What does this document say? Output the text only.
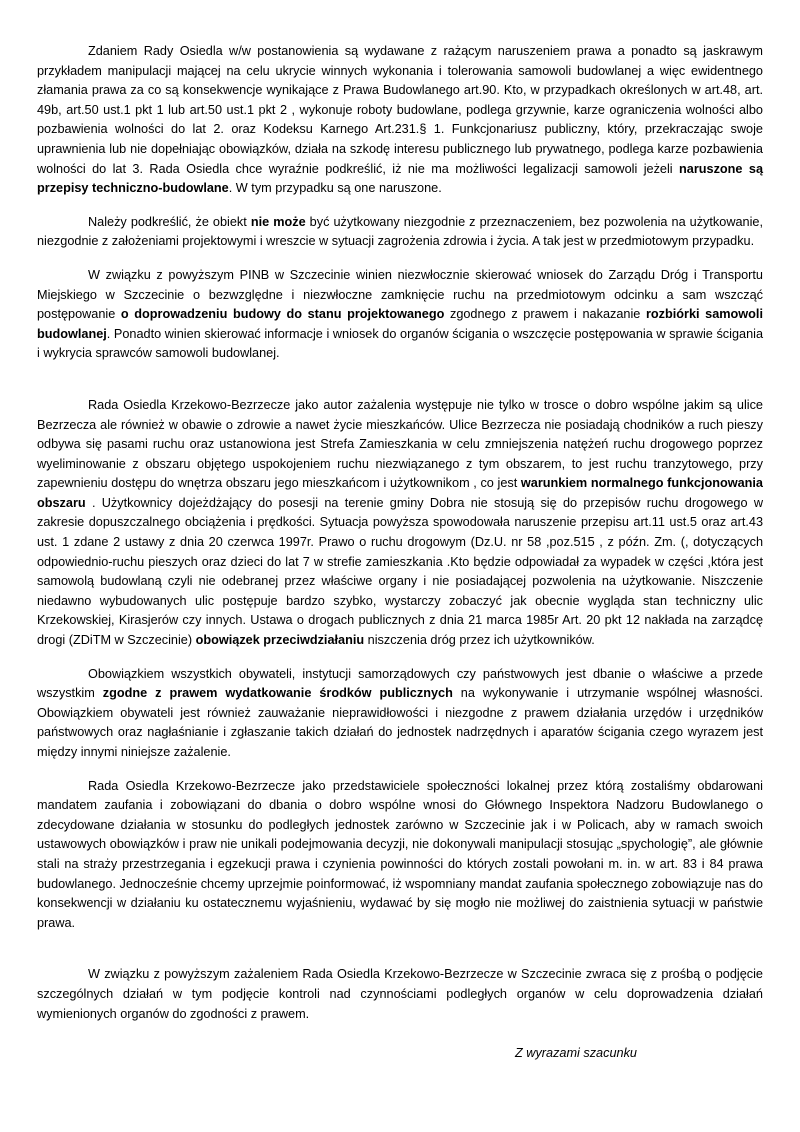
Zdaniem Rady Osiedla w/w postanowienia są wydawane z rażącym naruszeniem prawa a ponadto są jaskrawym przykładem manipulacji mającej na celu ukrycie winnych wykonania i tolerowania samowoli budowlanej a więc ewidentnego złamania prawa za co są konsekwencje wynikające z Prawa Budowlanego art.90. Kto, w przypadkach określonych w art.48, art. 49b, art.50 ust.1 pkt 1 lub art.50 ust.1 pkt 2 , wykonuje roboty budowlane, podlega grzywnie, karze ograniczenia wolności albo pozbawienia wolności do lat 2. oraz Kodeksu Karnego Art.231.§ 1. Funkcjonariusz publiczny, który, przekraczając swoje uprawnienia lub nie dopełniając obowiązków, działa na szkodę interesu publicznego lub prywatnego, podlega karze pozbawienia wolności do lat 3. Rada Osiedla chce wyraźnie podkreślić, iż nie ma możliwości legalizacji samowoli jeżeli naruszone są przepisy techniczno-budowlane. W tym przypadku są one naruszone.

Należy podkreślić, że obiekt nie może być użytkowany niezgodnie z przeznaczeniem, bez pozwolenia na użytkowanie, niezgodnie z założeniami projektowymi i wreszcie w sytuacji zagrożenia zdrowia i życia. A tak jest w przedmiotowym przypadku.

W związku z powyższym PINB w Szczecinie winien niezwłocznie skierować wniosek do Zarządu Dróg i Transportu Miejskiego w Szczecinie o bezwzględne i niezwłoczne zamknięcie ruchu na przedmiotowym odcinku a sam wszcząć postępowanie o doprowadzeniu budowy do stanu projektowanego zgodnego z prawem i nakazanie rozbiórki samowoli budowlanej. Ponadto winien skierować informacje i wniosek do organów ścigania o wszczęcie postępowania w sprawie ścigania i wykrycia sprawców samowoli budowlanej.

Rada Osiedla Krzekowo-Bezrzecze jako autor zażalenia występuje nie tylko w trosce o dobro wspólne jakim są ulice Bezrzecza ale również w obawie o zdrowie a nawet życie mieszkańców. Ulice Bezrzecza nie posiadają chodników a ruch pieszy odbywa się pasami ruchu oraz ustanowiona jest Strefa Zamieszkania w celu zmniejszenia natężeń ruchu drogowego poprzez wyeliminowanie z obszaru objętego uspokojeniem ruchu niezwiązanego z tym obszarem, to jest ruchu tranzytowego, przy zapewnieniu dostępu do wnętrza obszaru jego mieszkańcom i użytkownikom , co jest warunkiem normalnego funkcjonowania obszaru . Użytkownicy dojeżdżający do posesji na terenie gminy Dobra nie stosują się do przepisów ruchu drogowego w zakresie dopuszczalnego obciążenia i prędkości. Sytuacja powyższa spowodowała naruszenie przepisu art.11 ust.5 oraz art.43 ust. 1 zdane 2 ustawy z dnia 20 czerwca 1997r. Prawo o ruchu drogowym (Dz.U. nr 58 ,poz.515 , z późn. Zm. (, dotyczących odpowiednio-ruchu pieszych oraz dzieci do lat 7 w strefie zamieszkania .Kto będzie odpowiadał za wypadek w części ,która jest samowolą budowlaną czyli nie odebranej przez właściwe organy i nie posiadającej pozwolenia na użytkowanie. Niszczenie niedawno wybudowanych ulic postępuje bardzo szybko, wystarczy zobaczyć jak obecnie wygląda stan techniczny ulic Krzekowskiej, Kirasjerów czy innych. Ustawa o drogach publicznych z dnia 21 marca 1985r Art. 20 pkt 12 nakłada na zarządcę drogi (ZDiTM w Szczecinie) obowiązek przeciwdziałaniu niszczenia dróg przez ich użytkowników.

Obowiązkiem wszystkich obywateli, instytucji samorządowych czy państwowych jest dbanie o właściwe a przede wszystkim zgodne z prawem wydatkowanie środków publicznych na wykonywanie i utrzymanie wspólnej własności. Obowiązkiem obywateli jest również zauważanie nieprawidłowości i niezgodne z prawem działania urzędów i urzędników państwowych oraz nagłaśnianie i zgłaszanie takich działań do jednostek nadrzędnych i aparatów ścigania czego wyrazem jest między innymi niniejsze zażalenie.

Rada Osiedla Krzekowo-Bezrzecze jako przedstawiciele społeczności lokalnej przez którą zostaliśmy obdarowani mandatem zaufania i zobowiązani do dbania o dobro wspólne wnosi do Głównego Inspektora Nadzoru Budowlanego o zdecydowane działania w stosunku do podległych jednostek zarówno w Szczecinie jak i w Policach, aby w ramach swoich ustawowych obowiązków i praw nie unikali podejmowania decyzji, nie dokonywali manipulacji stosując „spychologię”, ale głównie stali na straży przestrzegania i egzekucji prawa i czynienia powinności do których zostali powołani m. in. w art. 83 i 84 prawa budowlanego. Jednocześnie chcemy uprzejmie poinformować, iż wspomniany mandat zaufania społecznego zobowiązuje nas do konsekwencji w działaniu ku ostatecznemu wyjaśnieniu, wydawać by się mogło nie możliwej do zaistnienia sytuacji w państwie prawa.

W związku z powyższym zażaleniem Rada Osiedla Krzekowo-Bezrzecze w Szczecinie zwraca się z prośbą o podjęcie szczególnych działań w tym podjęcie kontroli nad czynnościami podległych organów w celu doprowadzenia działań wymienionych organów do zgodności z prawem.

Z wyrazami szacunku
